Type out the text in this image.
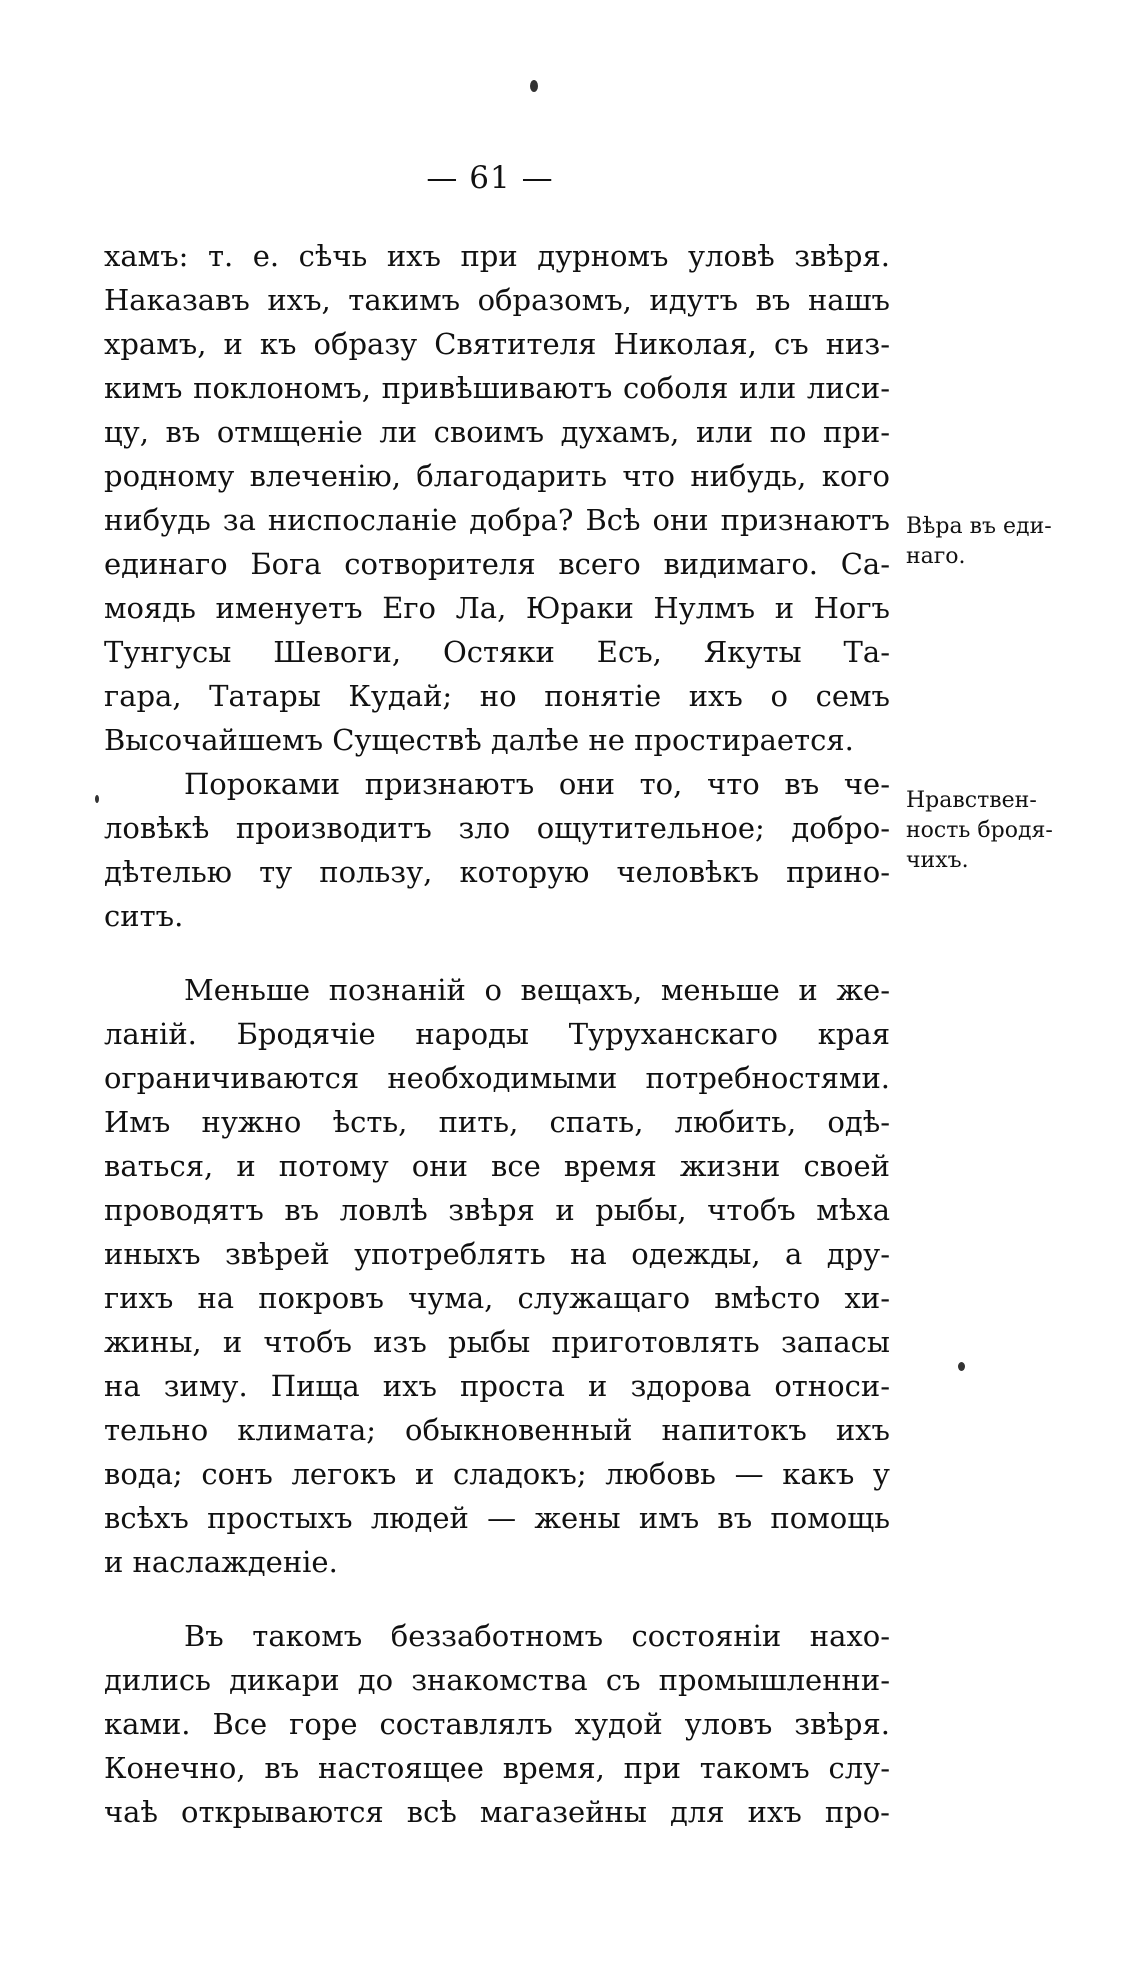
— 61 —
хамъ: т. е. сѣчь ихъ при дурномъ уловѣ звѣря.
Наказавъ ихъ, такимъ образомъ, идутъ въ нашъ
храмъ, и къ образу Святителя Николая, съ низ-
кимъ поклономъ, привѣшиваютъ соболя или лиси-
цу, въ отмщеніе ли своимъ духамъ, или по при-
родному влеченію, благодарить что нибудь, кого
нибудь за ниспосланіе добра? Всѣ они признаютъ
единаго Бога сотворителя всего видимаго. Са-
моядь именуетъ Его Ла, Юраки Нулмъ и Ногъ
Тунгусы Шевоги, Остяки Есъ, Якуты Та-
гара, Татары Кудай; но понятіе ихъ о семъ
Высочайшемъ Существѣ далѣе не простирается.
Пороками признаютъ они то, что въ че-
ловѣкѣ производитъ зло ощутительное; добро-
дѣтелью ту пользу, которую человѣкъ прино-
ситъ.
Меньше познаній о вещахъ, меньше и же-
ланій. Бродячіе народы Туруханскаго края
ограничиваются необходимыми потребностями.
Имъ нужно ѣсть, пить, спать, любить, одѣ-
ваться, и потому они все время жизни своей
проводятъ въ ловлѣ звѣря и рыбы, чтобъ мѣха
иныхъ звѣрей употреблять на одежды, а дру-
гихъ на покровъ чума, служащаго вмѣсто хи-
жины, и чтобъ изъ рыбы приготовлять запасы
на зиму. Пища ихъ проста и здорова относи-
тельно климата; обыкновенный напитокъ ихъ
вода; сонъ легокъ и сладокъ; любовь — какъ у
всѣхъ простыхъ людей — жены имъ въ помощь
и наслажденіе.
Въ такомъ беззаботномъ состояніи нахо-
дились дикари до знакомства съ промышленни-
ками. Все горе составлялъ худой уловъ звѣря.
Конечно, въ настоящее время, при такомъ слу-
чаѣ открываются всѣ магазейны для ихъ про-
Вѣра въ еди-
наго.
Нравствен-
ность бродя-
чихъ.
